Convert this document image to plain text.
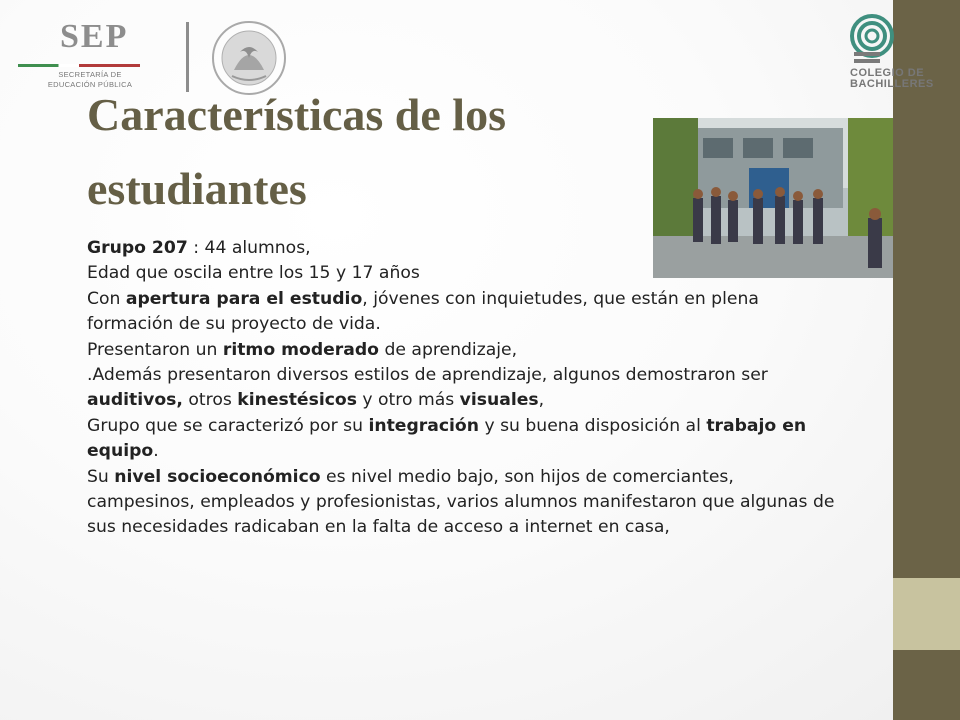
SEP
SECRETARÍA DE
EDUCACIÓN PÚBLICA
COLEGIO DE
BACHILLERES
Características de los
estudiantes

Grupo 207 : 44 alumnos,

Edad que oscila entre los 15 y 17 años

Con apertura para el estudio, jóvenes con inquietudes, que están en plena formación de su proyecto de vida.

Presentaron un ritmo moderado de aprendizaje,

.Además presentaron diversos estilos de aprendizaje, algunos demostraron ser auditivos, otros kinestésicos y otro más visuales,

Grupo que se caracterizó por su integración y su buena disposición al trabajo en equipo.

Su nivel socioeconómico es nivel medio bajo, son hijos de comerciantes, campesinos, empleados y profesionistas, varios alumnos manifestaron que algunas de sus necesidades radicaban en la falta de acceso a internet en casa,
